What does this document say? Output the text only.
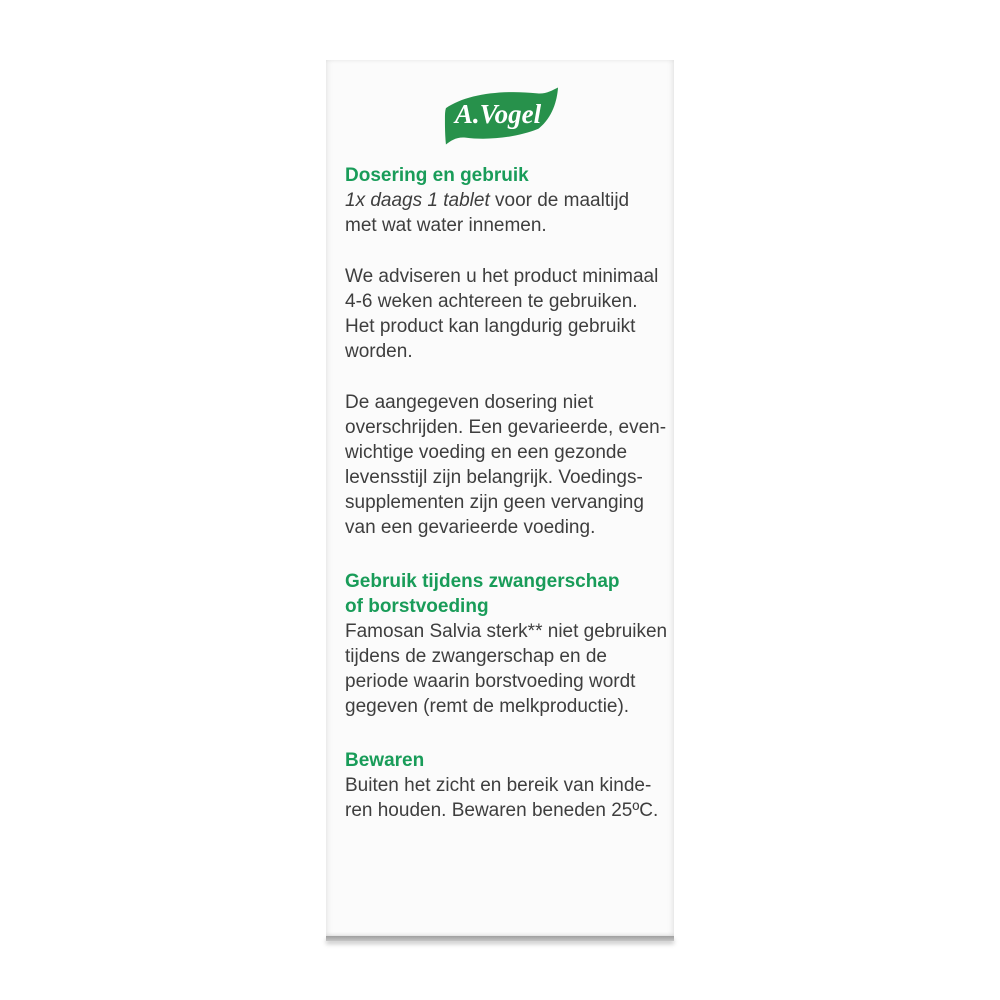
A.Vogel
Dosering en gebruik
1x daags 1 tablet voor de maaltijd
met wat water innemen.
We adviseren u het product minimaal
4-6 weken achtereen te gebruiken.
Het product kan langdurig gebruikt
worden.
De aangegeven dosering niet
overschrijden. Een gevarieerde, even-
wichtige voeding en een gezonde
levensstijl zijn belangrijk. Voedings-
supplementen zijn geen vervanging
van een gevarieerde voeding.
Gebruik tijdens zwangerschap
of borstvoeding
Famosan Salvia sterk** niet gebruiken
tijdens de zwangerschap en de
periode waarin borstvoeding wordt
gegeven (remt de melkproductie).
Bewaren
Buiten het zicht en bereik van kinde-
ren houden. Bewaren beneden 25ºC.
